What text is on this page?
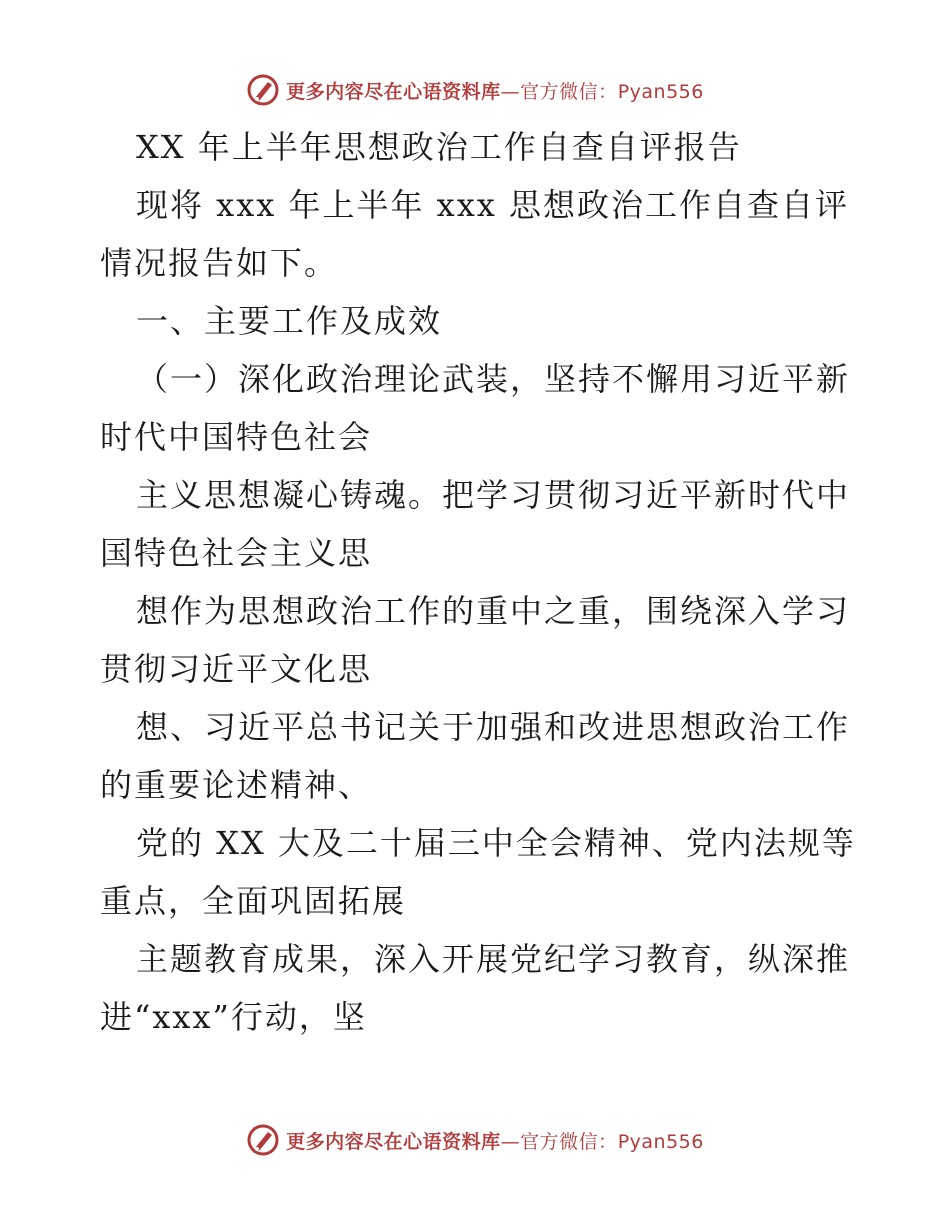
更多内容尽在心语资料库—官方微信：Pyan556
XX 年上半年思想政治工作自查自评报告
现将 xxx 年上半年 xxx 思想政治工作自查自评
情况报告如下。
一、主要工作及成效
（一）深化政治理论武装，坚持不懈用习近平新
时代中国特色社会
主义思想凝心铸魂。把学习贯彻习近平新时代中
国特色社会主义思
想作为思想政治工作的重中之重，围绕深入学习
贯彻习近平文化思
想、习近平总书记关于加强和改进思想政治工作
的重要论述精神、
党的 XX 大及二十届三中全会精神、党内法规等
重点，全面巩固拓展
主题教育成果，深入开展党纪学习教育，纵深推
进“xxx”行动，坚
更多内容尽在心语资料库—官方微信：Pyan556
